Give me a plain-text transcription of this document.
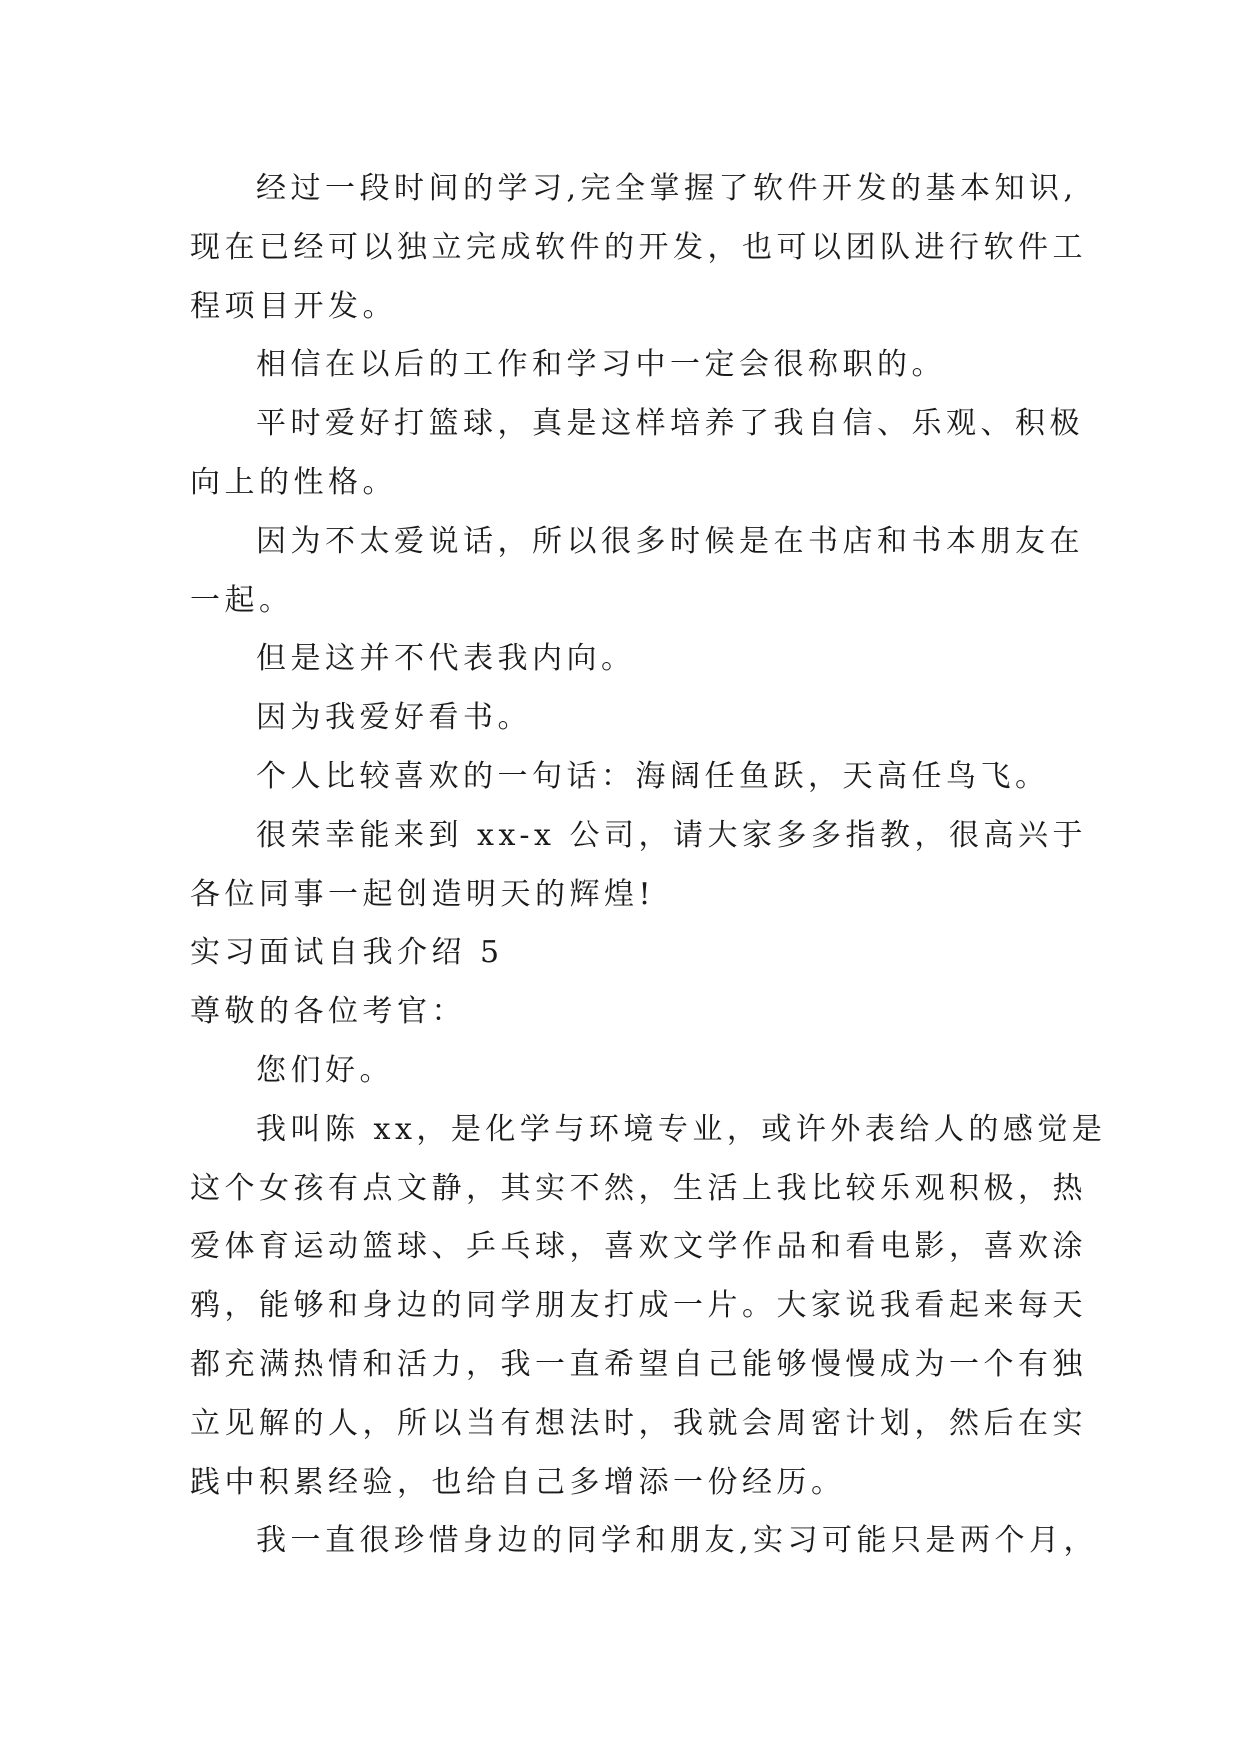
经过一段时间的学习,完全掌握了软件开发的基本知识,
现在已经可以独立完成软件的开发，也可以团队进行软件工
程项目开发。

相信在以后的工作和学习中一定会很称职的。

平时爱好打篮球，真是这样培养了我自信、乐观、积极
向上的性格。

因为不太爱说话，所以很多时候是在书店和书本朋友在
一起。

但是这并不代表我内向。

因为我爱好看书。

个人比较喜欢的一句话：海阔任鱼跃，天高任鸟飞。

很荣幸能来到 xx-x 公司，请大家多多指教，很高兴于
各位同事一起创造明天的辉煌!

实习面试自我介绍 5

尊敬的各位考官：

您们好。

我叫陈 xx，是化学与环境专业，或许外表给人的感觉是
这个女孩有点文静，其实不然，生活上我比较乐观积极，热
爱体育运动篮球、乒乓球，喜欢文学作品和看电影，喜欢涂
鸦，能够和身边的同学朋友打成一片。大家说我看起来每天
都充满热情和活力，我一直希望自己能够慢慢成为一个有独
立见解的人，所以当有想法时，我就会周密计划，然后在实
践中积累经验，也给自己多增添一份经历。

我一直很珍惜身边的同学和朋友,实习可能只是两个月，
